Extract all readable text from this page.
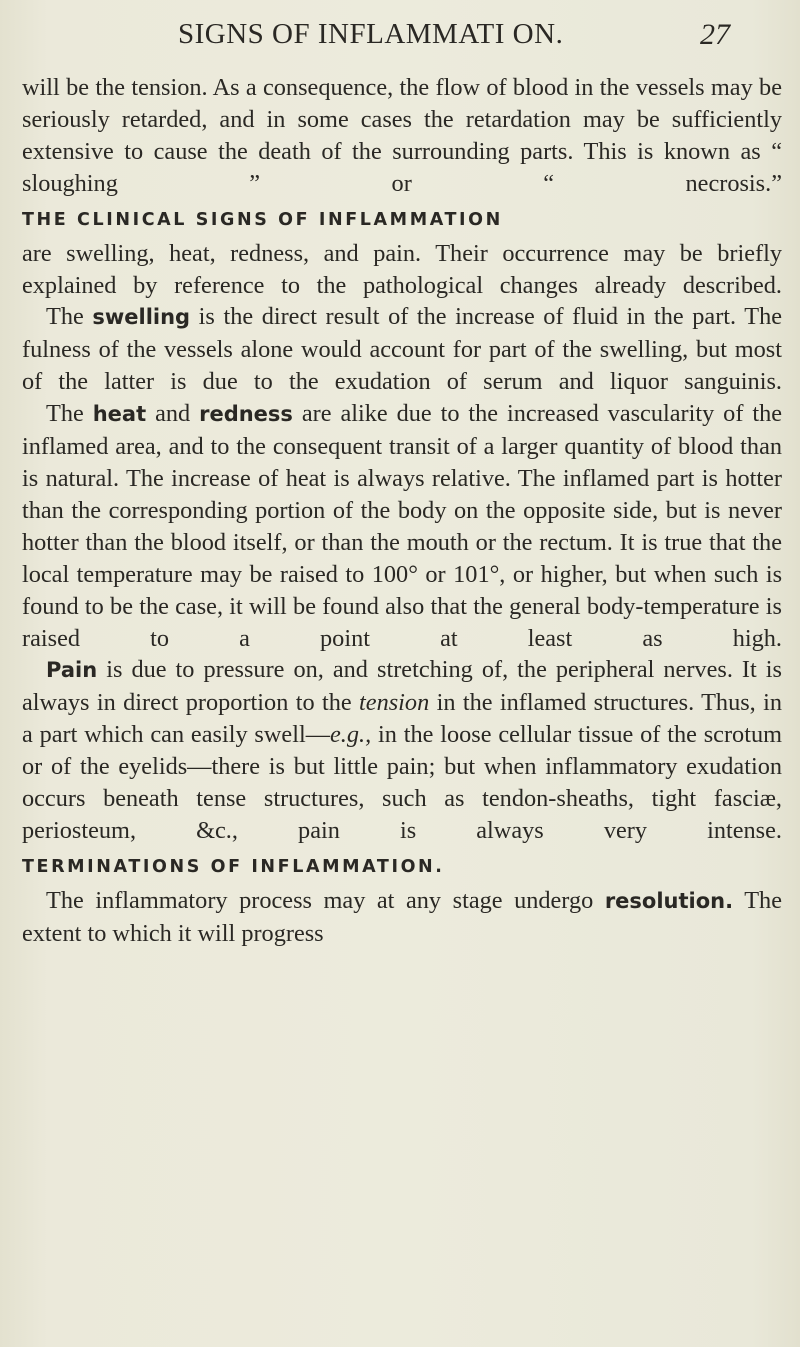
SIGNS OF INFLAMMATI ON.	27

will be the tension. As a consequence, the flow of blood in the vessels may be seriously retarded, and in some cases the retardation may be sufficiently extensive to cause the death of the surrounding parts. This is known as “ sloughing ” or “ necrosis.”

THE CLINICAL SIGNS OF INFLAMMATION

are swelling, heat, redness, and pain. Their occurrence may be briefly explained by reference to the pathological changes already described.

The swelling is the direct result of the increase of fluid in the part. The fulness of the vessels alone would account for part of the swelling, but most of the latter is due to the exudation of serum and liquor sanguinis.

The heat and redness are alike due to the increased vascularity of the inflamed area, and to the consequent transit of a larger quantity of blood than is natural. The increase of heat is always relative. The inflamed part is hotter than the corresponding portion of the body on the opposite side, but is never hotter than the blood itself, or than the mouth or the rectum. It is true that the local temperature may be raised to 100° or 101°, or higher, but when such is found to be the case, it will be found also that the general body-temperature is raised to a point at least as high.

Pain is due to pressure on, and stretching of, the peripheral nerves. It is always in direct proportion to the tension in the inflamed structures. Thus, in a part which can easily swell—e.g., in the loose cellular tissue of the scrotum or of the eyelids—there is but little pain; but when inflammatory exudation occurs beneath tense structures, such as tendon-sheaths, tight fasciæ, periosteum, &c., pain is always very intense.

TERMINATIONS OF INFLAMMATION.

The inflammatory process may at any stage undergo resolution. The extent to which it will progress
